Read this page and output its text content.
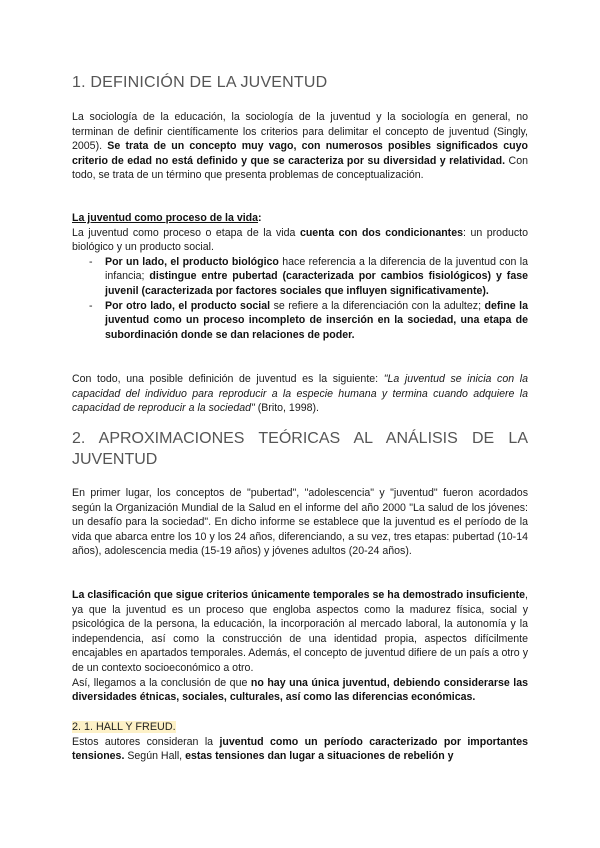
1. DEFINICIÓN DE LA JUVENTUD

La sociología de la educación, la sociología de la juventud y la sociología en general, no terminan de definir científicamente los criterios para delimitar el concepto de juventud (Singly, 2005). Se trata de un concepto muy vago, con numerosos posibles significados cuyo criterio de edad no está definido y que se caracteriza por su diversidad y relatividad. Con todo, se trata de un término que presenta problemas de conceptualización.

La juventud como proceso de la vida:

La juventud como proceso o etapa de la vida cuenta con dos condicionantes: un producto biológico y un producto social.

- Por un lado, el producto biológico hace referencia a la diferencia de la juventud con la infancia; distingue entre pubertad (caracterizada por cambios fisiológicos) y fase juvenil (caracterizada por factores sociales que influyen significativamente).
- Por otro lado, el producto social se refiere a la diferenciación con la adultez; define la juventud como un proceso incompleto de inserción en la sociedad, una etapa de subordinación donde se dan relaciones de poder.

Con todo, una posible definición de juventud es la siguiente: "La juventud se inicia con la capacidad del individuo para reproducir a la especie humana y termina cuando adquiere la capacidad de reproducir a la sociedad" (Brito, 1998).

2. APROXIMACIONES TEÓRICAS AL ANÁLISIS DE LA

JUVENTUD

En primer lugar, los conceptos de "pubertad", "adolescencia" y "juventud" fueron acordados según la Organización Mundial de la Salud en el informe del año 2000 "La salud de los jóvenes: un desafío para la sociedad". En dicho informe se establece que la juventud es el período de la vida que abarca entre los 10 y los 24 años, diferenciando, a su vez, tres etapas: pubertad (10-14 años), adolescencia media (15-19 años) y jóvenes adultos (20-24 años).

La clasificación que sigue criterios únicamente temporales se ha demostrado insuficiente, ya que la juventud es un proceso que engloba aspectos como la madurez física, social y psicológica de la persona, la educación, la incorporación al mercado laboral, la autonomía y la independencia, así como la construcción de una identidad propia, aspectos difícilmente encajables en apartados temporales. Además, el concepto de juventud difiere de un país a otro y de un contexto socioeconómico a otro.

Así, llegamos a la conclusión de que no hay una única juventud, debiendo considerarse las diversidades étnicas, sociales, culturales, así como las diferencias económicas.

2. 1. HALL Y FREUD.

Estos autores consideran la juventud como un período caracterizado por importantes tensiones. Según Hall, estas tensiones dan lugar a situaciones de rebelión y
